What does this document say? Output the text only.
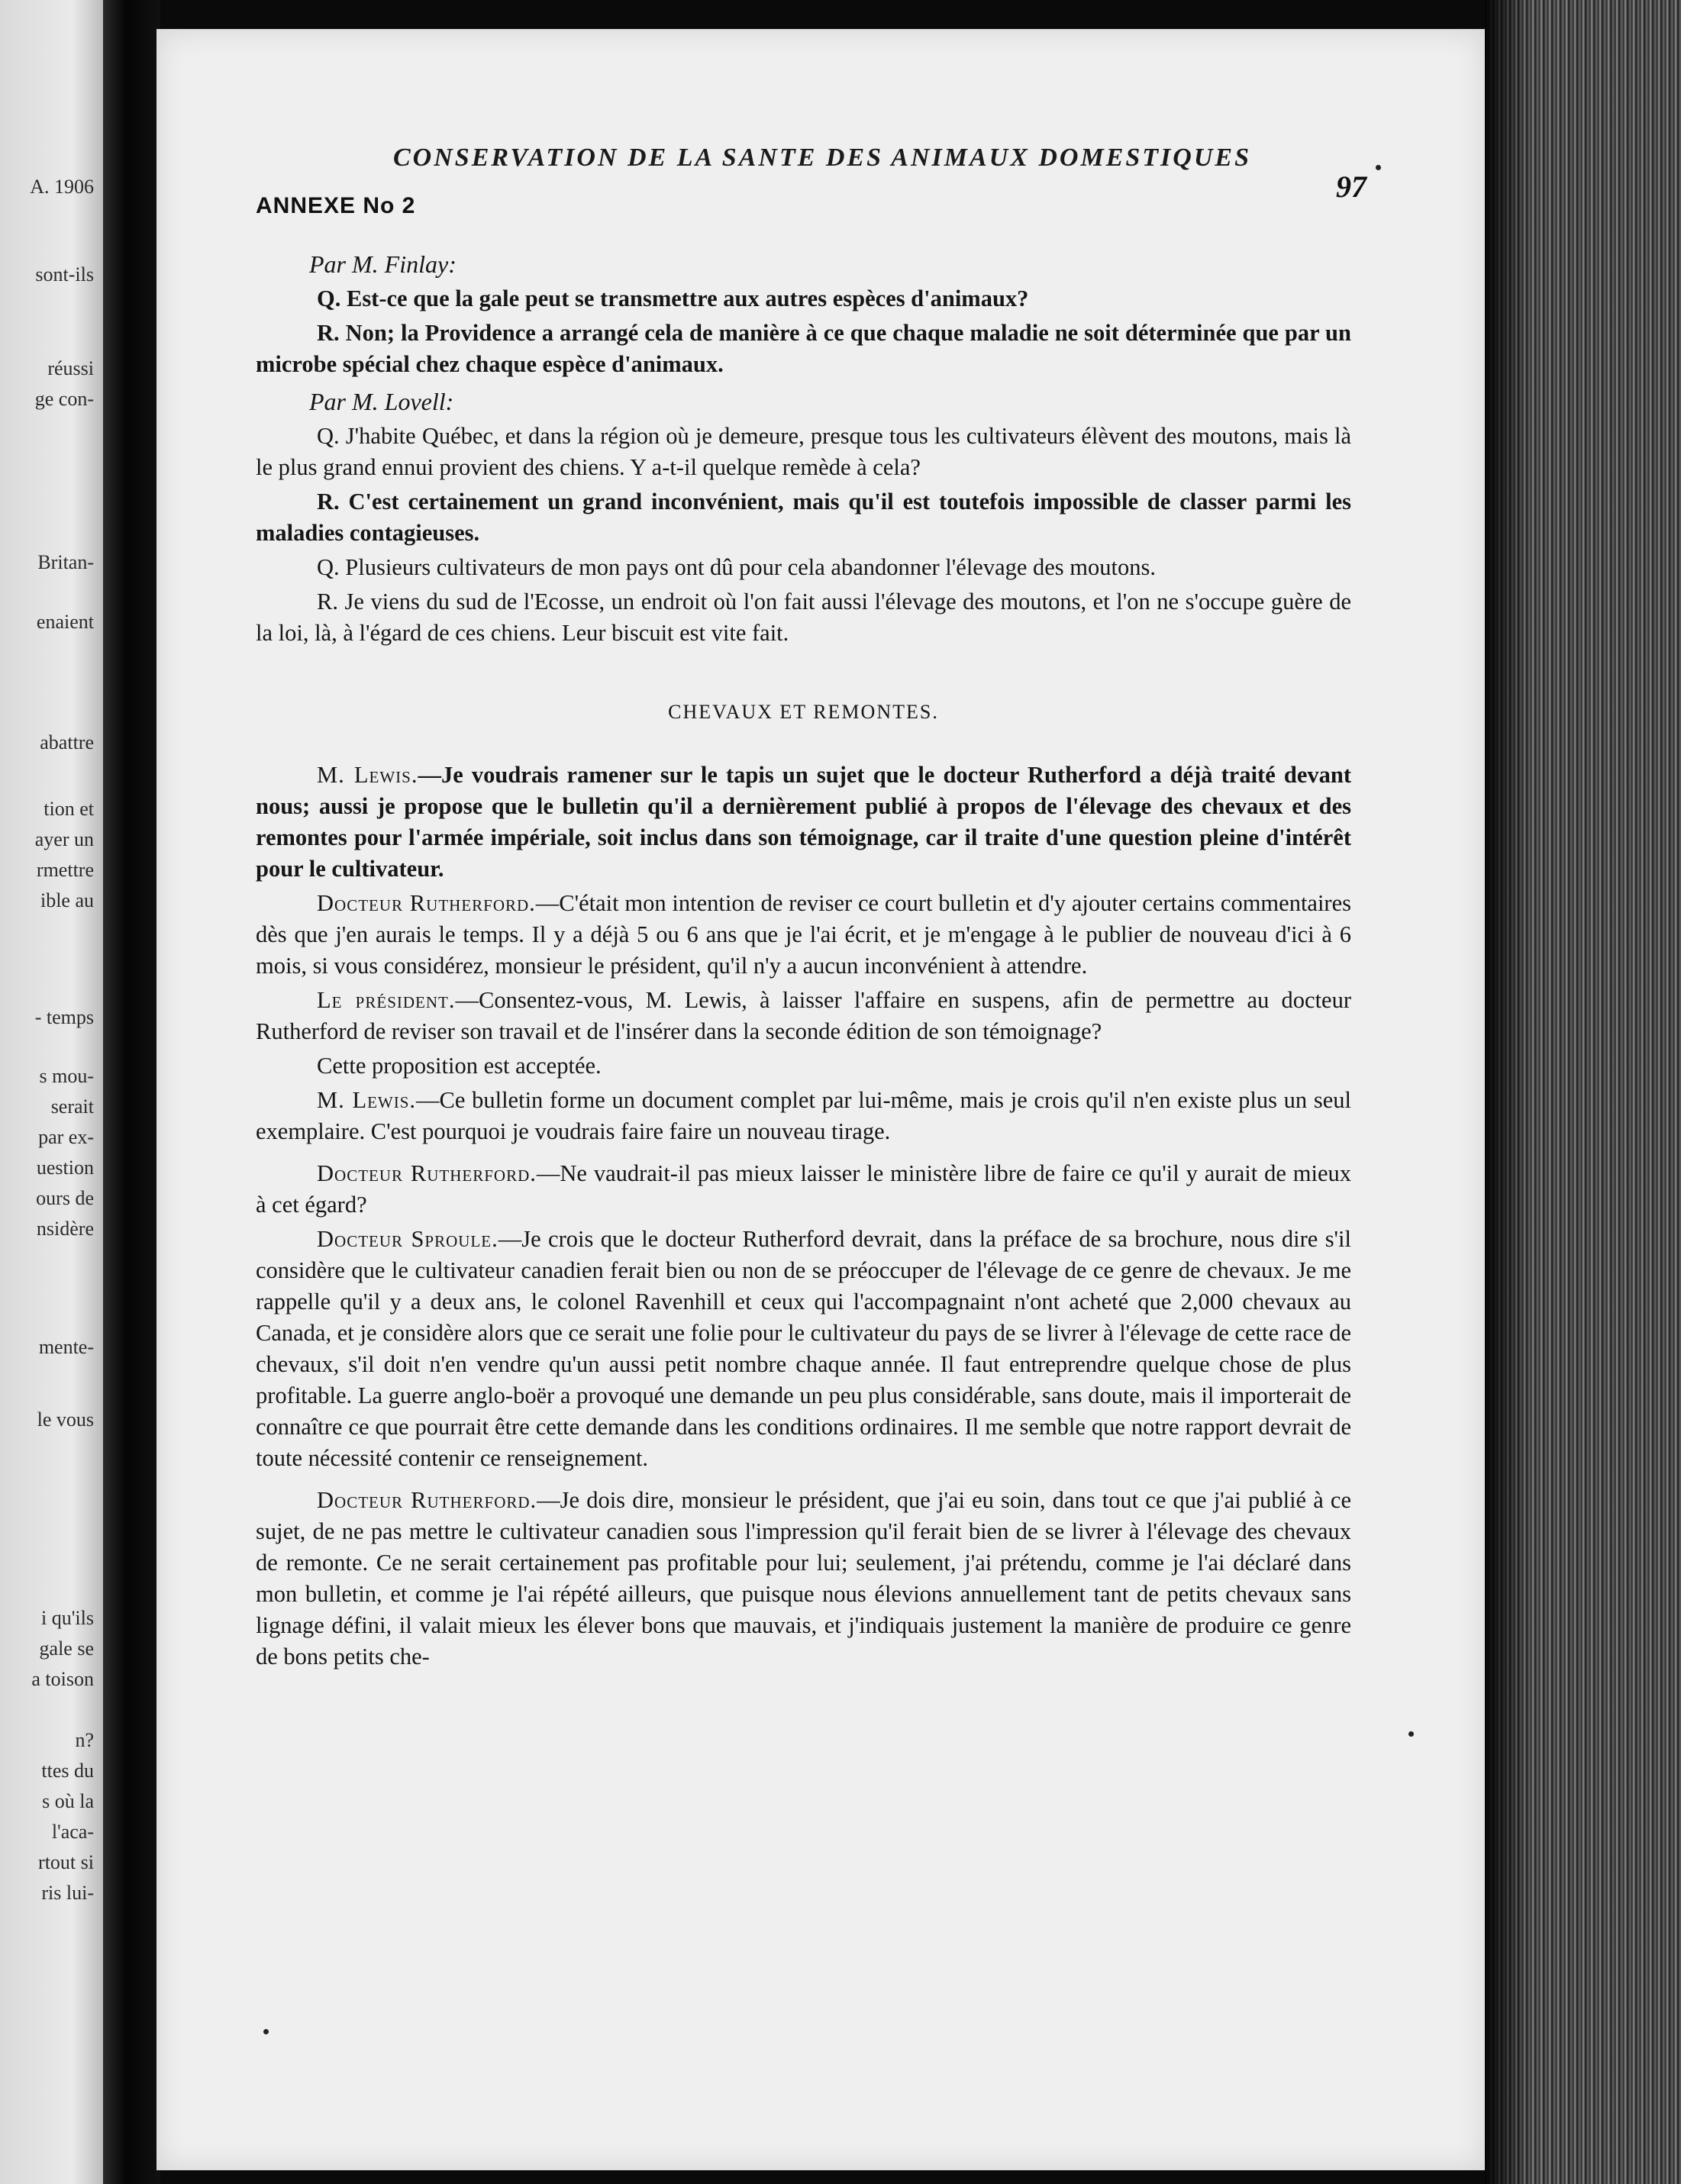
A. 1906
sont-ils
réussi
ge con-
Britan-
enaient
abattre
tion et
ayer un
rmettre
ible au
- temps
s mou-
serait
par ex-
uestion
ours de
nsidère
mente-
le vous
i qu'ils
gale se
a toison
n?
ttes du
s où la
l'aca-
rtout si
ris lui-
CONSERVATION DE LA SANTE DES ANIMAUX DOMESTIQUES
97
ANNEXE No 2

Par M. Finlay:

Q. Est-ce que la gale peut se transmettre aux autres espèces d'animaux?

R. Non; la Providence a arrangé cela de manière à ce que chaque maladie ne soit déterminée que par un microbe spécial chez chaque espèce d'animaux.

Par M. Lovell:

Q. J'habite Québec, et dans la région où je demeure, presque tous les cultivateurs élèvent des moutons, mais là le plus grand ennui provient des chiens. Y a-t-il quelque remède à cela?

R. C'est certainement un grand inconvénient, mais qu'il est toutefois impossible de classer parmi les maladies contagieuses.

Q. Plusieurs cultivateurs de mon pays ont dû pour cela abandonner l'élevage des moutons.

R. Je viens du sud de l'Ecosse, un endroit où l'on fait aussi l'élevage des moutons, et l'on ne s'occupe guère de la loi, là, à l'égard de ces chiens. Leur biscuit est vite fait.

CHEVAUX ET REMONTES.

M. Lewis.—Je voudrais ramener sur le tapis un sujet que le docteur Rutherford a déjà traité devant nous; aussi je propose que le bulletin qu'il a dernièrement publié à propos de l'élevage des chevaux et des remontes pour l'armée impériale, soit inclus dans son témoignage, car il traite d'une question pleine d'intérêt pour le cultivateur.

Docteur Rutherford.—C'était mon intention de reviser ce court bulletin et d'y ajouter certains commentaires dès que j'en aurais le temps. Il y a déjà 5 ou 6 ans que je l'ai écrit, et je m'engage à le publier de nouveau d'ici à 6 mois, si vous considérez, monsieur le président, qu'il n'y a aucun inconvénient à attendre.

Le président.—Consentez-vous, M. Lewis, à laisser l'affaire en suspens, afin de permettre au docteur Rutherford de reviser son travail et de l'insérer dans la seconde édition de son témoignage?

Cette proposition est acceptée.

M. Lewis.—Ce bulletin forme un document complet par lui-même, mais je crois qu'il n'en existe plus un seul exemplaire. C'est pourquoi je voudrais faire faire un nouveau tirage.

Docteur Rutherford.—Ne vaudrait-il pas mieux laisser le ministère libre de faire ce qu'il y aurait de mieux à cet égard?

Docteur Sproule.—Je crois que le docteur Rutherford devrait, dans la préface de sa brochure, nous dire s'il considère que le cultivateur canadien ferait bien ou non de se préoccuper de l'élevage de ce genre de chevaux. Je me rappelle qu'il y a deux ans, le colonel Ravenhill et ceux qui l'accompagnaint n'ont acheté que 2,000 chevaux au Canada, et je considère alors que ce serait une folie pour le cultivateur du pays de se livrer à l'élevage de cette race de chevaux, s'il doit n'en vendre qu'un aussi petit nombre chaque année. Il faut entreprendre quelque chose de plus profitable. La guerre anglo-boër a provoqué une demande un peu plus considérable, sans doute, mais il importerait de connaître ce que pourrait être cette demande dans les conditions ordinaires. Il me semble que notre rapport devrait de toute nécessité contenir ce renseignement.

Docteur Rutherford.—Je dois dire, monsieur le président, que j'ai eu soin, dans tout ce que j'ai publié à ce sujet, de ne pas mettre le cultivateur canadien sous l'impression qu'il ferait bien de se livrer à l'élevage des chevaux de remonte. Ce ne serait certainement pas profitable pour lui; seulement, j'ai prétendu, comme je l'ai déclaré dans mon bulletin, et comme je l'ai répété ailleurs, que puisque nous élevions annuellement tant de petits chevaux sans lignage défini, il valait mieux les élever bons que mauvais, et j'indiquais justement la manière de produire ce genre de bons petits che-
